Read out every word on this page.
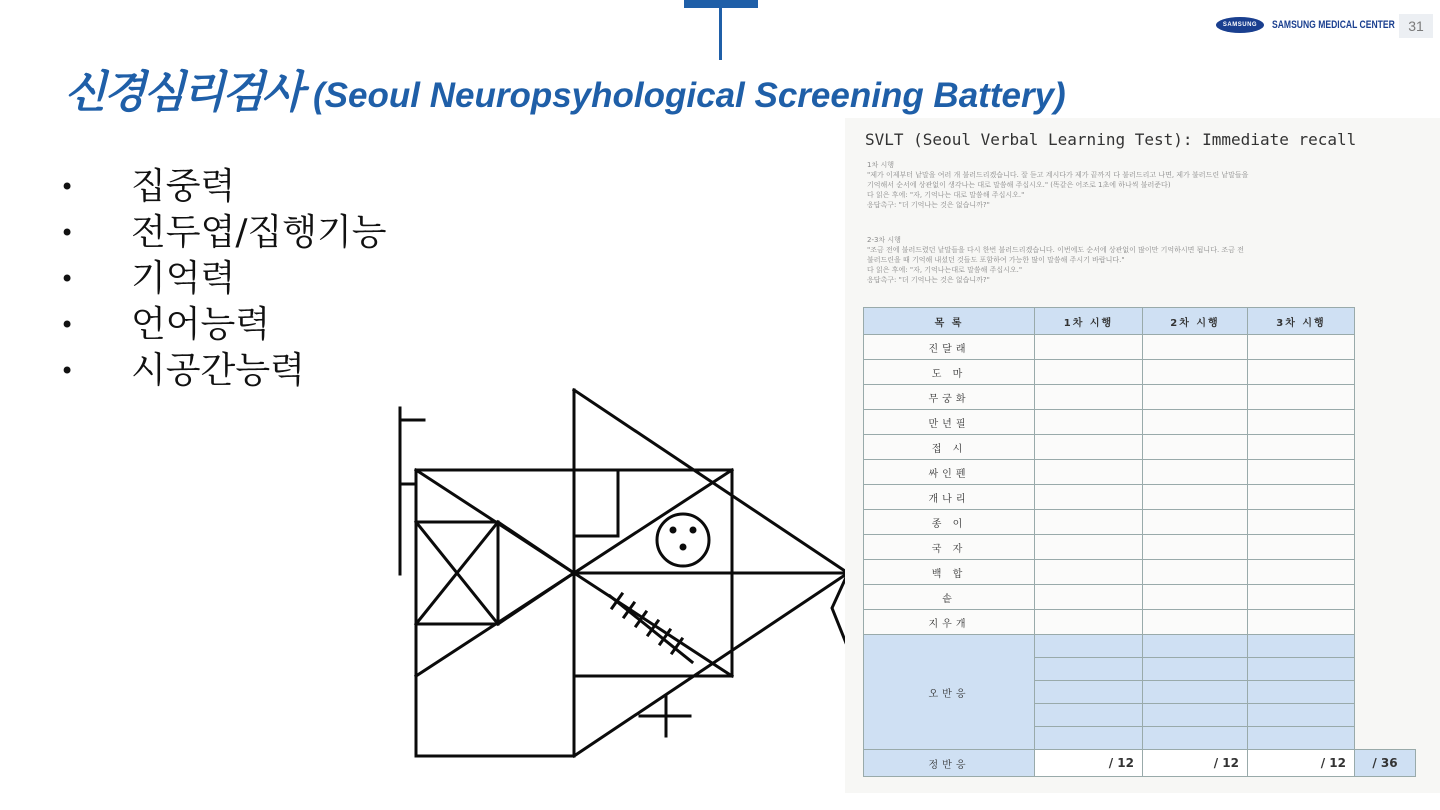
SAMSUNG	SAMSUNG MEDICAL CENTER 31
신경심리검사 (Seoul Neuropsyhological Screening Battery)
• 집중력
• 전두엽/집행기능
• 기억력
• 언어능력
• 시공간능력
SVLT (Seoul Verbal Learning Test): Immediate recall

1차 시행

"제가 이제부터 낱말을 여러 개 불러드리겠습니다. 잘 듣고 계시다가 제가 끝까지 다 불러드리고 나면, 제가 불러드린 낱말들을

기억해서 순서에 상관없이 생각나는 대로 말씀해 주십시오." (똑같은 어조로 1초에 하나씩 불러준다)

다 읽은 후에: "자, 기억나는 대로 말씀해 주십시오."

응답촉구: "더 기억나는 것은 없습니까?"

2-3차 시행

"조금 전에 불러드렸던 낱말들을 다시 한번 불러드리겠습니다. 이번에도 순서에 상관없이 많이만 기억하시면 됩니다. 조금 전

불러드린을 때 기억해 내셨던 것들도 포함하여 가능한 많이 말씀해 주시기 바랍니다."

다 읽은 후에: "자, 기억나는대로 말씀해 주십시오."

응답촉구: "더 기억나는 것은 없습니까?"

목 록	1차 시행	2차 시행	3차 시행	
진달래				
도 마				
무궁화				
만년필				
접 시				
싸인펜				
개나리				
종 이				
국 자				
백 합				
솥				
지우개				
오반응				

정반응	/ 12	/ 12	/ 12	/ 36
